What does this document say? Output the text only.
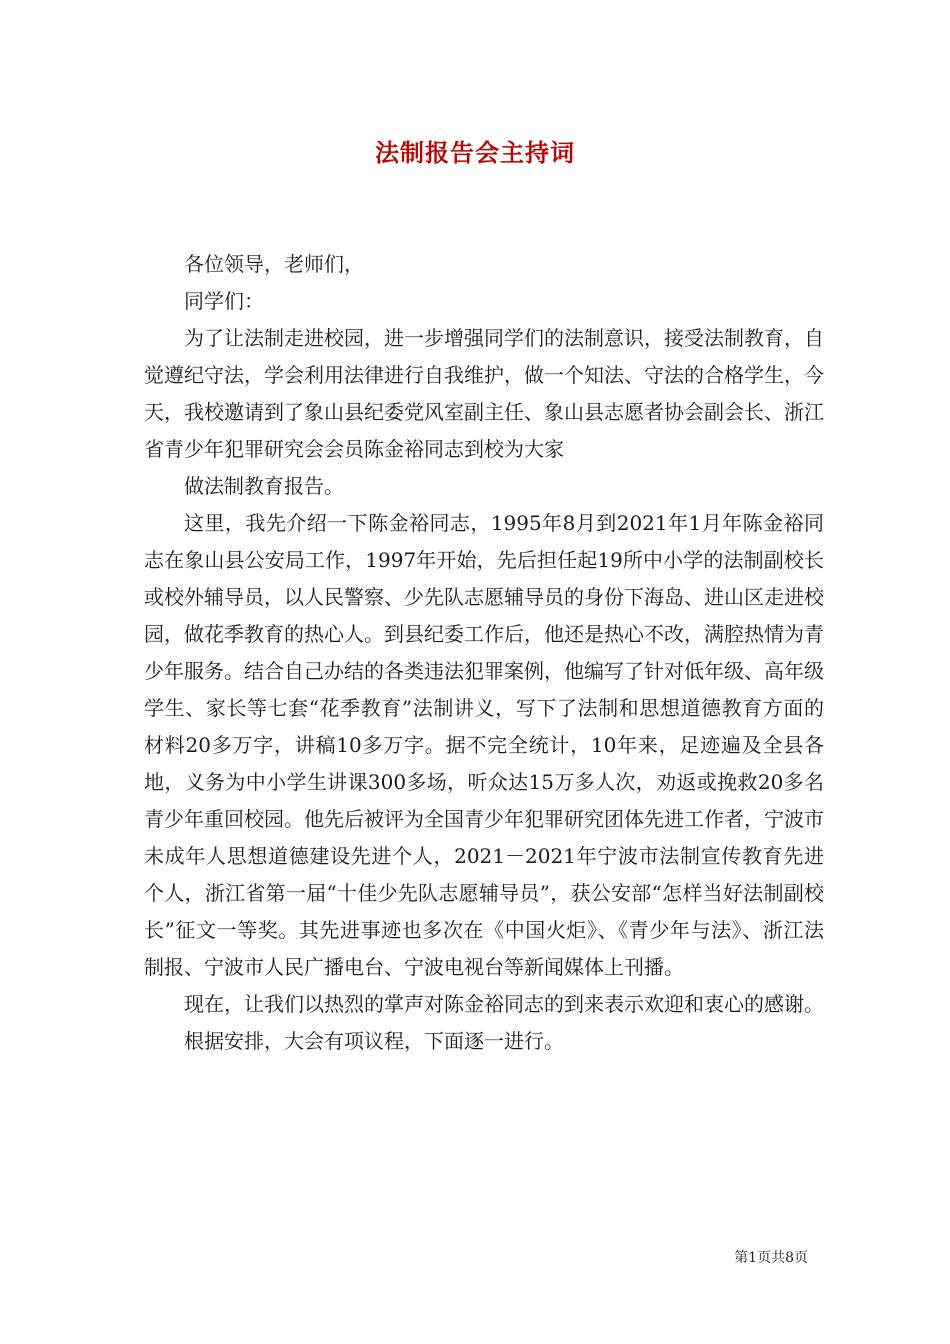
法制报告会主持词

各位领导，老师们，

同学们：

为了让法制走进校园，进一步增强同学们的法制意识，接受法制教育，自觉遵纪守法，学会利用法律进行自我维护，做一个知法、守法的合格学生，今天，我校邀请到了象山县纪委党风室副主任、象山县志愿者协会副会长、浙江省青少年犯罪研究会会员陈金裕同志到校为大家

做法制教育报告。

这里，我先介绍一下陈金裕同志，1995年8月到2021年1月年陈金裕同志在象山县公安局工作，1997年开始，先后担任起19所中小学的法制副校长或校外辅导员，以人民警察、少先队志愿辅导员的身份下海岛、进山区走进校园，做花季教育的热心人。到县纪委工作后，他还是热心不改，满腔热情为青少年服务。结合自己办结的各类违法犯罪案例，他编写了针对低年级、高年级学生、家长等七套“花季教育”法制讲义，写下了法制和思想道德教育方面的材料20多万字，讲稿10多万字。据不完全统计，10年来，足迹遍及全县各地，义务为中小学生讲课300多场，听众达15万多人次，劝返或挽救20多名青少年重回校园。他先后被评为全国青少年犯罪研究团体先进工作者，宁波市未成年人思想道德建设先进个人，2021－2021年宁波市法制宣传教育先进个人，浙江省第一届“十佳少先队志愿辅导员”，获公安部“怎样当好法制副校长”征文一等奖。其先进事迹也多次在《中国火炬》、《青少年与法》、浙江法制报、宁波市人民广播电台、宁波电视台等新闻媒体上刊播。

现在，让我们以热烈的掌声对陈金裕同志的到来表示欢迎和衷心的感谢。

根据安排，大会有项议程，下面逐一进行。

第1页共8页
